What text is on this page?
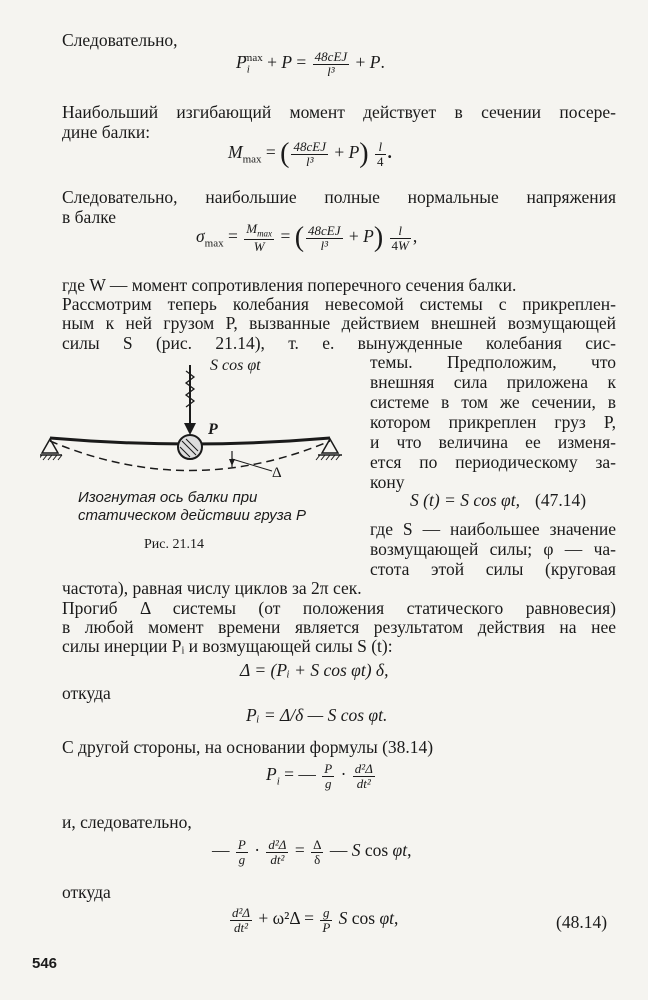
Следовательно,
$P_i^{max} + P = \frac{\text{48cEJ}}{\text{l³}} + P$.
Наибольший изгибающий момент действует в сечении посере-
дине балки:
$M_{max}$ = ( $\frac{\text{48cEJ}}{\text{l³}} + P) \frac{l}{4}$ .
Следовательно, наибольшие полные нормальные напряжения
в балке
$\sigma_{max} = \frac{M_{max}}{W}$ = ( $\frac{\text{48cEJ}}{\text{l³}} + P) \frac{l}{4W}$ ,
где W — момент сопротивления поперечного сечения балки.
Рассмотрим теперь колебания невесомой системы с прикреплен-
ным к ней грузом P, вызванные действием внешней возмущающей
силы S (рис. 21.14), т. е. вынужденные колебания сис-
темы. Предположим, что
внешняя сила приложена к
системе в том же сечении, в
котором прикреплен груз P,
и что величина ее изменя-
ется по периодическому за-
кону
S (t) = S cos φt, (47.14)
где S — наибольшее значение
возмущающей силы; φ — ча-
стота этой силы (круговая
S cos φt
P
Δ
Изогнутая ось балки при
статическом действии груза P
Рис. 21.14
частота), равная числу циклов за 2π сек.
Прогиб Δ системы (от положения статического равновесия)
в любой момент времени является результатом действия на нее
силы инерции Pᵢ и возмущающей силы S (t):
Δ = (Pᵢ + S cos φt) δ,
откуда
Pᵢ = Δ/δ — S cos φt.
С другой стороны, на основании формулы (38.14)
$P_i$ = — $\frac{P}{g} \cdot \frac{\text{d²Δ}}{\text{dt²}}$
и, следовательно,
— $\frac{P}{g} \cdot \frac{\text{d²Δ}}{\text{dt²}} = \frac{\Delta}{\delta}$ — S cos φt,
откуда
$\frac{\text{d²Δ}}{\text{dt²}} + \omega^2\Delta = \frac{g}{P}$ S cos φt,	(48.14)
546
